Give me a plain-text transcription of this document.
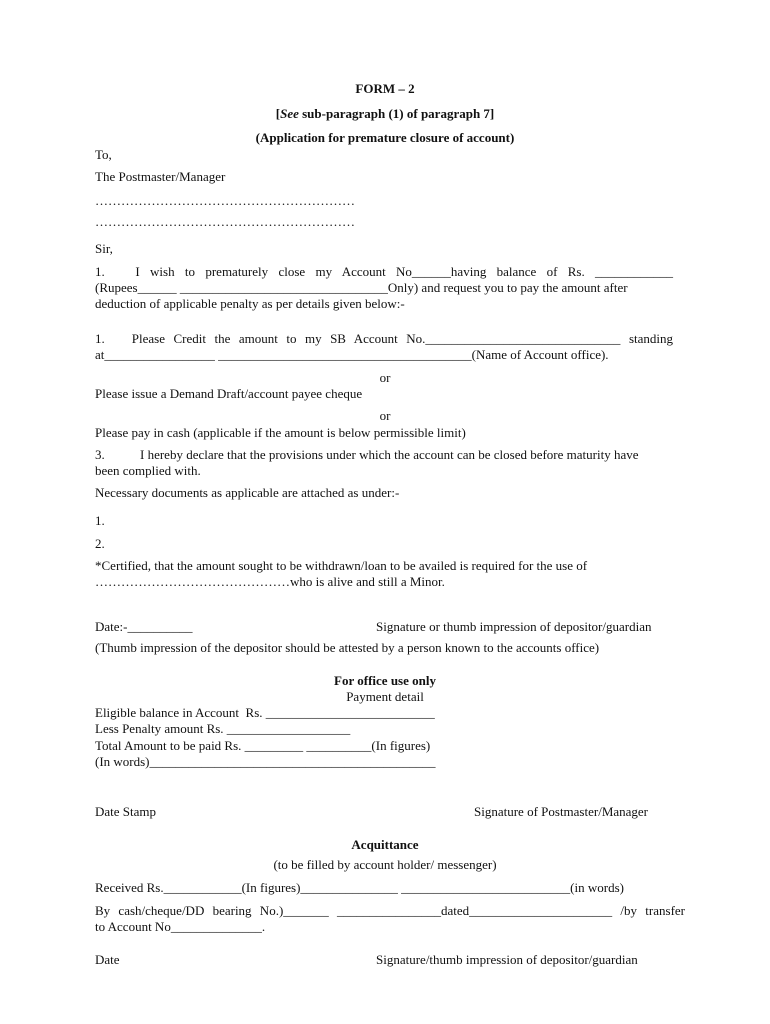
FORM – 2
[See sub-paragraph (1) of paragraph 7]
(Application for premature closure of account)
To,
The Postmaster/Manager
……………………………………………………
……………………………………………………
Sir,
1. I wish to prematurely close my Account No______having balance of Rs. ____________
(Rupees______ ________________________________Only) and request you to pay the amount after
deduction of applicable penalty as per details given below:-
1. Please Credit the amount to my SB Account No.______________________________ standing
at_________________ _______________________________________(Name of Account office).
or
Please issue a Demand Draft/account payee cheque
or
Please pay in cash (applicable if the amount is below permissible limit)
3.	I hereby declare that the provisions under which the account can be closed before maturity have
been complied with.
Necessary documents as applicable are attached as under:-
1.
2.
*Certified, that the amount sought to be withdrawn/loan to be availed is required for the use of
………………………………………who is alive and still a Minor.
Date:-__________	Signature or thumb impression of depositor/guardian
(Thumb impression of the depositor should be attested by a person known to the accounts office)
For office use only
Payment detail
Eligible balance in Account  Rs. __________________________
Less Penalty amount Rs. ___________________
Total Amount to be paid Rs. _________ __________(In figures)
(In words)____________________________________________
Date Stamp	Signature of Postmaster/Manager
Acquittance
(to be filled by account holder/ messenger)
Received Rs.____________(In figures)_______________ __________________________(in words)
By cash/cheque/DD bearing No.)_______ ________________dated______________________ /by transfer
to Account No______________.
Date	Signature/thumb impression of depositor/guardian
